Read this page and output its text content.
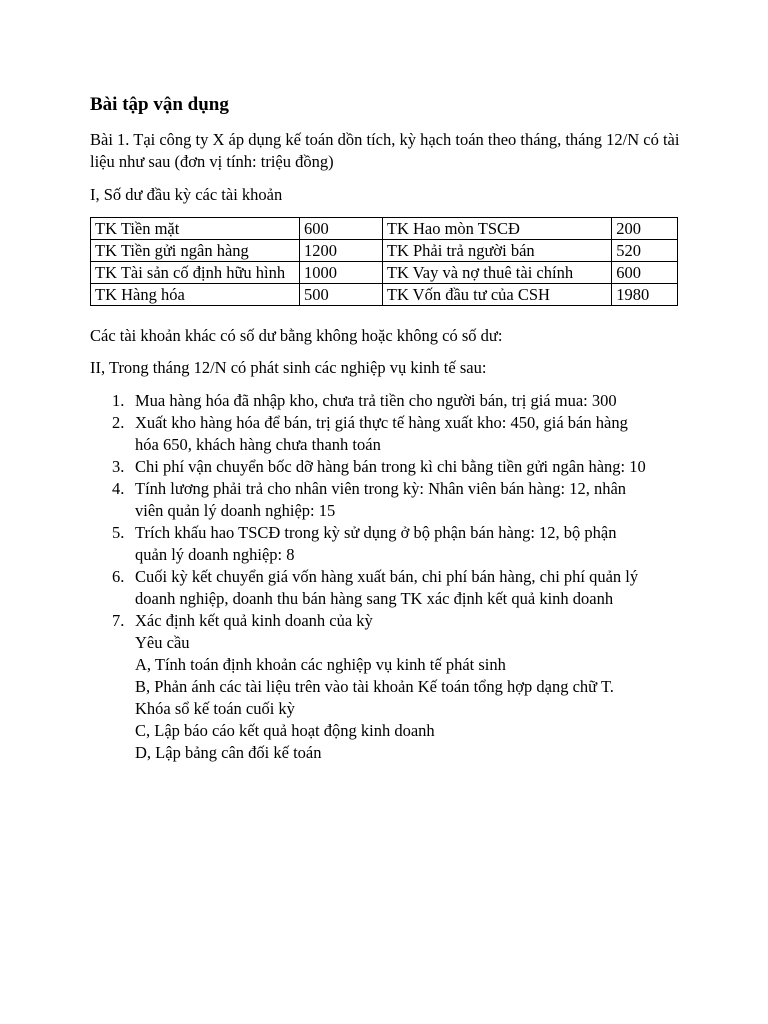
Bài tập vận dụng
Bài 1. Tại công ty X áp dụng kế toán dồn tích, kỳ hạch toán theo tháng, tháng 12/N có tài liệu như sau (đơn vị tính: triệu đồng)
I, Số dư đầu kỳ các tài khoản
TK Tiền mặt	600	TK Hao mòn TSCĐ	200
TK Tiền gửi ngân hàng	1200	TK Phải trả người bán	520
TK Tài sản cố định hữu hình	1000	TK Vay và nợ thuê tài chính	600
TK Hàng hóa	500	TK Vốn đầu tư của CSH	1980
Các tài khoản khác có số dư bằng không hoặc không có số dư:
II, Trong tháng 12/N có phát sinh các nghiệp vụ kinh tế sau:
1. Mua hàng hóa đã nhập kho, chưa trả tiền cho người bán, trị giá mua: 300
2. Xuất kho hàng hóa để bán, trị giá thực tế hàng xuất kho: 450, giá bán hàng hóa 650, khách hàng chưa thanh toán
3. Chi phí vận chuyển bốc dỡ hàng bán trong kì chi bằng tiền gửi ngân hàng: 10
4. Tính lương phải trả cho nhân viên trong kỳ: Nhân viên bán hàng: 12, nhân viên quản lý doanh nghiệp: 15
5. Trích khấu hao TSCĐ trong kỳ sử dụng ở bộ phận bán hàng: 12, bộ phận quản lý doanh nghiệp: 8
6. Cuối kỳ kết chuyển giá vốn hàng xuất bán, chi phí bán hàng, chi phí quản lý doanh nghiệp, doanh thu bán hàng sang TK xác định kết quả kinh doanh
7. Xác định kết quả kinh doanh của kỳ
Yêu cầu
A, Tính toán định khoản các nghiệp vụ kinh tế phát sinh
B, Phản ánh các tài liệu trên vào tài khoản Kế toán tổng hợp dạng chữ T. Khóa sổ kế toán cuối kỳ
C, Lập báo cáo kết quả hoạt động kinh doanh
D, Lập bảng cân đối kế toán
